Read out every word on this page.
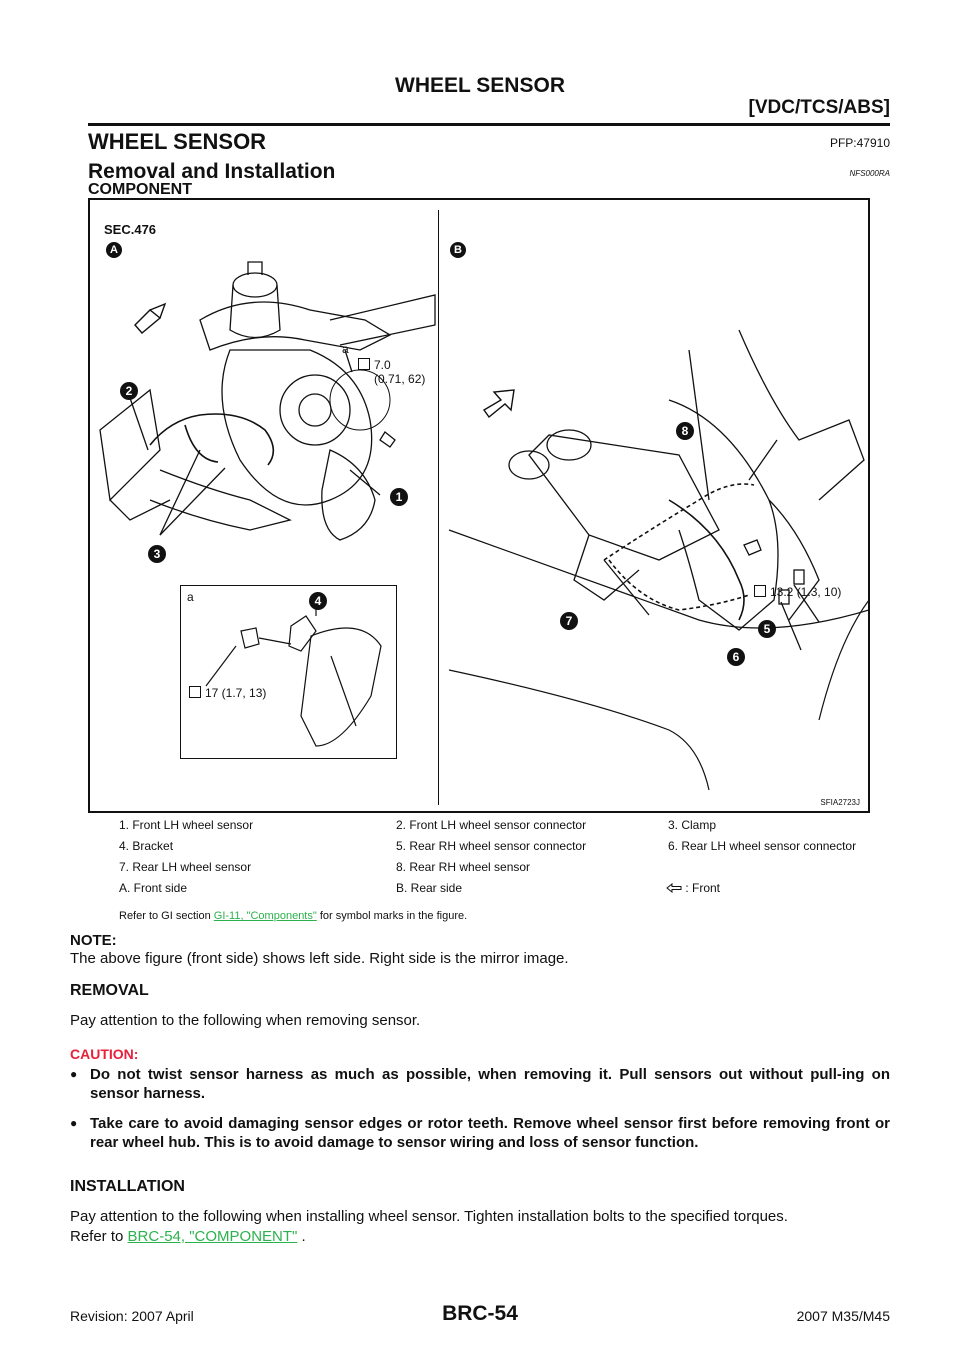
WHEEL SENSOR
[VDC/TCS/ABS]
WHEEL SENSOR	PFP:47910
Removal and Installation	NFS000RA
COMPONENT
SEC.476
A	B
2
3
1
a
7.0
(0.71, 62)
a	4
17 (1.7, 13)
8
5
6
7
13.2 (1.3, 10)
SFIA2723J
1. Front LH wheel sensor	2. Front LH wheel sensor connector	3. Clamp
4. Bracket	5. Rear RH wheel sensor connector	6. Rear LH wheel sensor connector
7. Rear LH wheel sensor	8. Rear RH wheel sensor	
A. Front side	B. Rear side	: Front
Refer to GI section GI-11, "Components" for symbol marks in the figure.
NOTE:
The above figure (front side) shows left side. Right side is the mirror image.
REMOVAL
Pay attention to the following when removing sensor.
CAUTION:
● Do not twist sensor harness as much as possible, when removing it. Pull sensors out without pull-ing on sensor harness.
● Take care to avoid damaging sensor edges or rotor teeth. Remove wheel sensor first before removing front or rear wheel hub. This is to avoid damage to sensor wiring and loss of sensor function.
INSTALLATION
Pay attention to the following when installing wheel sensor. Tighten installation bolts to the specified torques.
Refer to BRC-54, "COMPONENT" .
BRC-54
Revision: 2007 April	2007 M35/M45
